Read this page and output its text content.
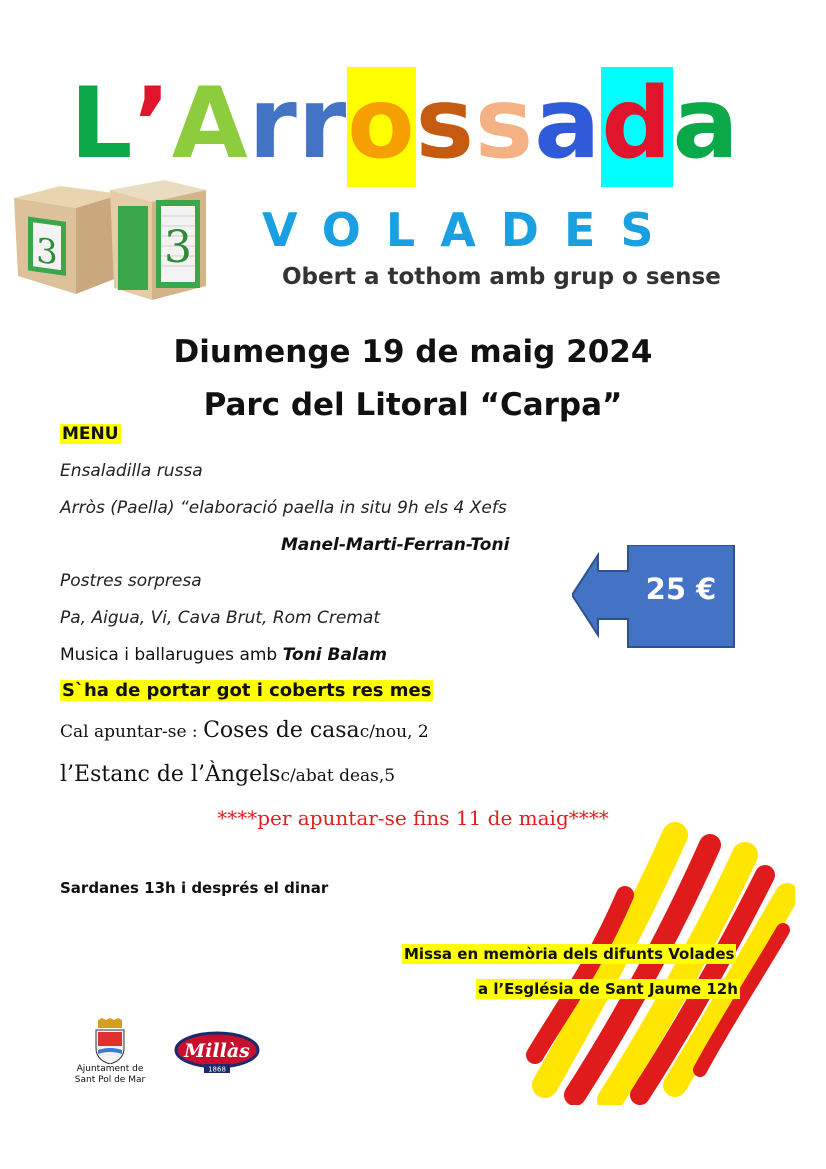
L ’ A r r o s s a d a
3 3 VOLADES
Obert a tothom amb grup o sense
Diumenge 19 de maig 2024
Parc del Litoral “Carpa”
MENU
Ensaladilla russa
Arròs (Paella) “elaboració paella in situ 9h els 4 Xefs
Manel-Marti-Ferran-Toni
Postres sorpresa
Pa, Aigua, Vi, Cava Brut, Rom Cremat
Musica i ballarugues amb Toni Balam
S`ha de portar got i coberts res mes
Cal apuntar-se : Coses de casac/nou, 2
l’Estanc de l’Àngelsc/abat deas,5
****per apuntar-se fins 11 de maig****
25 €
Sardanes 13h i després el dinar
Missa en memòria dels difunts Volades
a l’Església de Sant Jaume 12h
Ajuntament de
Sant Pol de Mar
Millàs
1868
